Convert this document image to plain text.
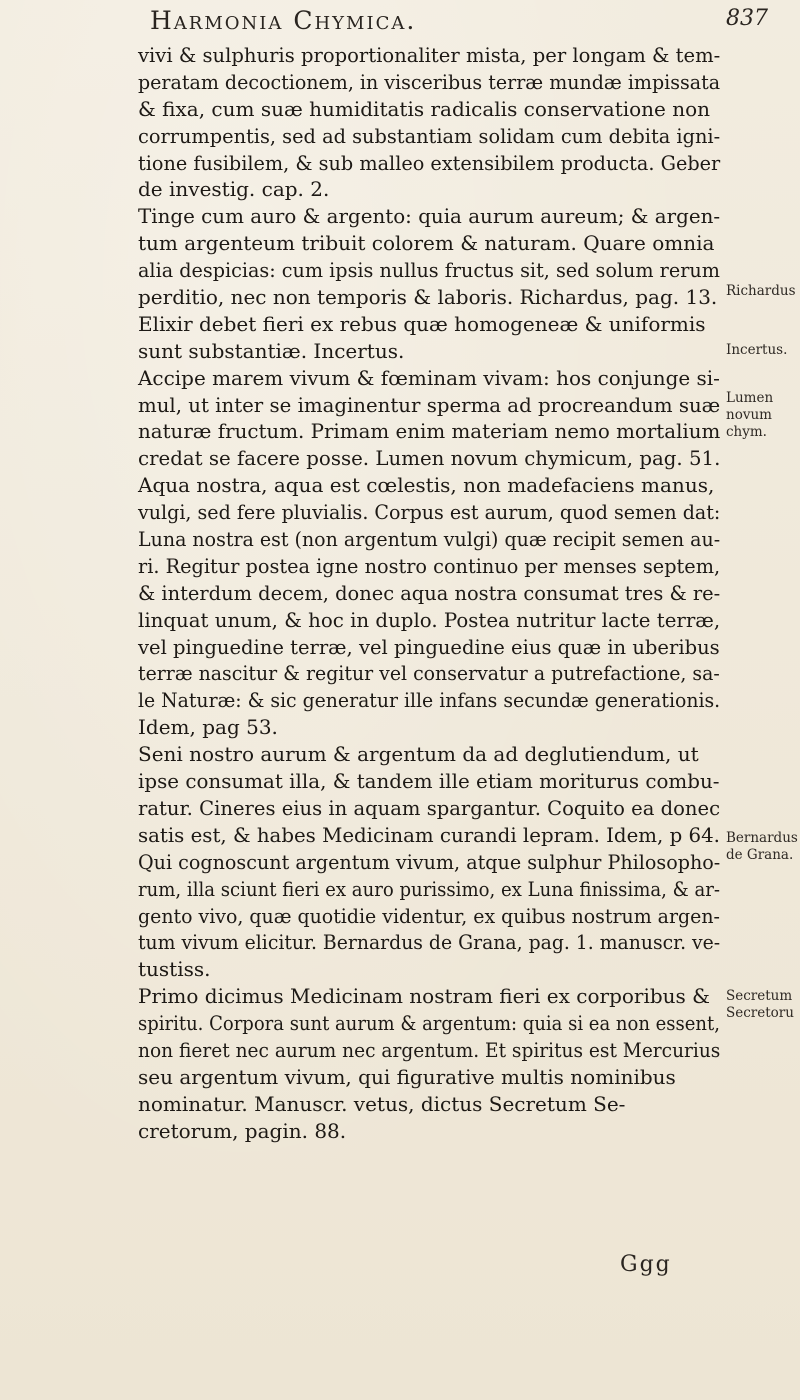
Harmonia Chymica.	837
vivi & sulphuris proportionaliter mista, per longam & tem-
peratam decoctionem, in visceribus terræ mundæ impissata
& fixa, cum suæ humiditatis radicalis conservatione non
corrumpentis, sed ad substantiam solidam cum debita igni-
tione fusibilem, & sub malleo extensibilem producta. Geber
de investig. cap. 2.
Tinge cum auro & argento: quia aurum aureum; & argen-
tum argenteum tribuit colorem & naturam. Quare omnia
alia despicias: cum ipsis nullus fructus sit, sed solum rerum
perditio, nec non temporis & laboris. Richardus, pag. 13.
Elixir debet fieri ex rebus quæ homogeneæ & uniformis
sunt substantiæ. Incertus.
Accipe marem vivum & fœminam vivam: hos conjunge si-
mul, ut inter se imaginentur sperma ad procreandum suæ
naturæ fructum. Primam enim materiam nemo mortalium
credat se facere posse. Lumen novum chymicum, pag. 51.
Aqua nostra, aqua est cœlestis, non madefaciens manus,
vulgi, sed fere pluvialis. Corpus est aurum, quod semen dat:
Luna nostra est (non argentum vulgi) quæ recipit semen au-
ri. Regitur postea igne nostro continuo per menses septem,
& interdum decem, donec aqua nostra consumat tres & re-
linquat unum, & hoc in duplo. Postea nutritur lacte terræ,
vel pinguedine terræ, vel pinguedine eius quæ in uberibus
terræ nascitur & regitur vel conservatur a putrefactione, sa-
le Naturæ: & sic generatur ille infans secundæ generationis.
Idem, pag 53.
Seni nostro aurum & argentum da ad deglutiendum, ut
ipse consumat illa, & tandem ille etiam moriturus combu-
ratur. Cineres eius in aquam spargantur. Coquito ea donec
satis est, & habes Medicinam curandi lepram. Idem, p 64.
Qui cognoscunt argentum vivum, atque sulphur Philosopho-
rum, illa sciunt fieri ex auro purissimo, ex Luna finissima, & ar-
gento vivo, quæ quotidie videntur, ex quibus nostrum argen-
tum vivum elicitur. Bernardus de Grana, pag. 1. manuscr. ve-
tustiss.
Primo dicimus Medicinam nostram fieri ex corporibus &
spiritu. Corpora sunt aurum & argentum: quia si ea non essent,
non fieret nec aurum nec argentum. Et spiritus est Mercurius
seu argentum vivum, qui figurative multis nominibus
nominatur. Manuscr. vetus, dictus Secretum Se-
cretorum, pagin. 88.
Richardus
Incertus.
Lumen novum chym.
Bernardus de Grana.
Secretum Secretoru
Ggg
